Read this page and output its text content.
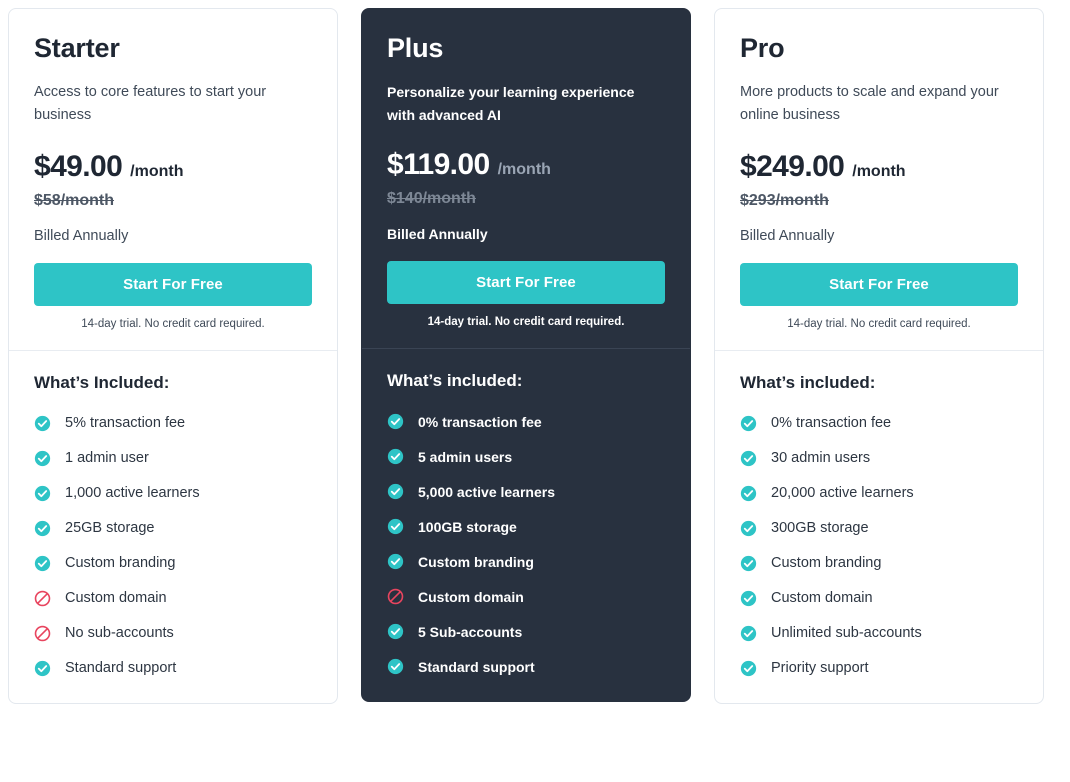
Starter
Access to core features to start your business
$49.00 /month
$58/month
Billed Annually
Start For Free
14-day trial. No credit card required.
What’s Included:
5% transaction fee
1 admin user
1,000 active learners
25GB storage
Custom branding
Custom domain
No sub-accounts
Standard support
Plus
Personalize your learning experience with advanced AI
$119.00 /month
$140/month
Billed Annually
Start For Free
14-day trial. No credit card required.
What’s included:
0% transaction fee
5 admin users
5,000 active learners
100GB storage
Custom branding
Custom domain
5 Sub-accounts
Standard support
Pro
More products to scale and expand your online business
$249.00 /month
$293/month
Billed Annually
Start For Free
14-day trial. No credit card required.
What’s included:
0% transaction fee
30 admin users
20,000 active learners
300GB storage
Custom branding
Custom domain
Unlimited sub-accounts
Priority support
